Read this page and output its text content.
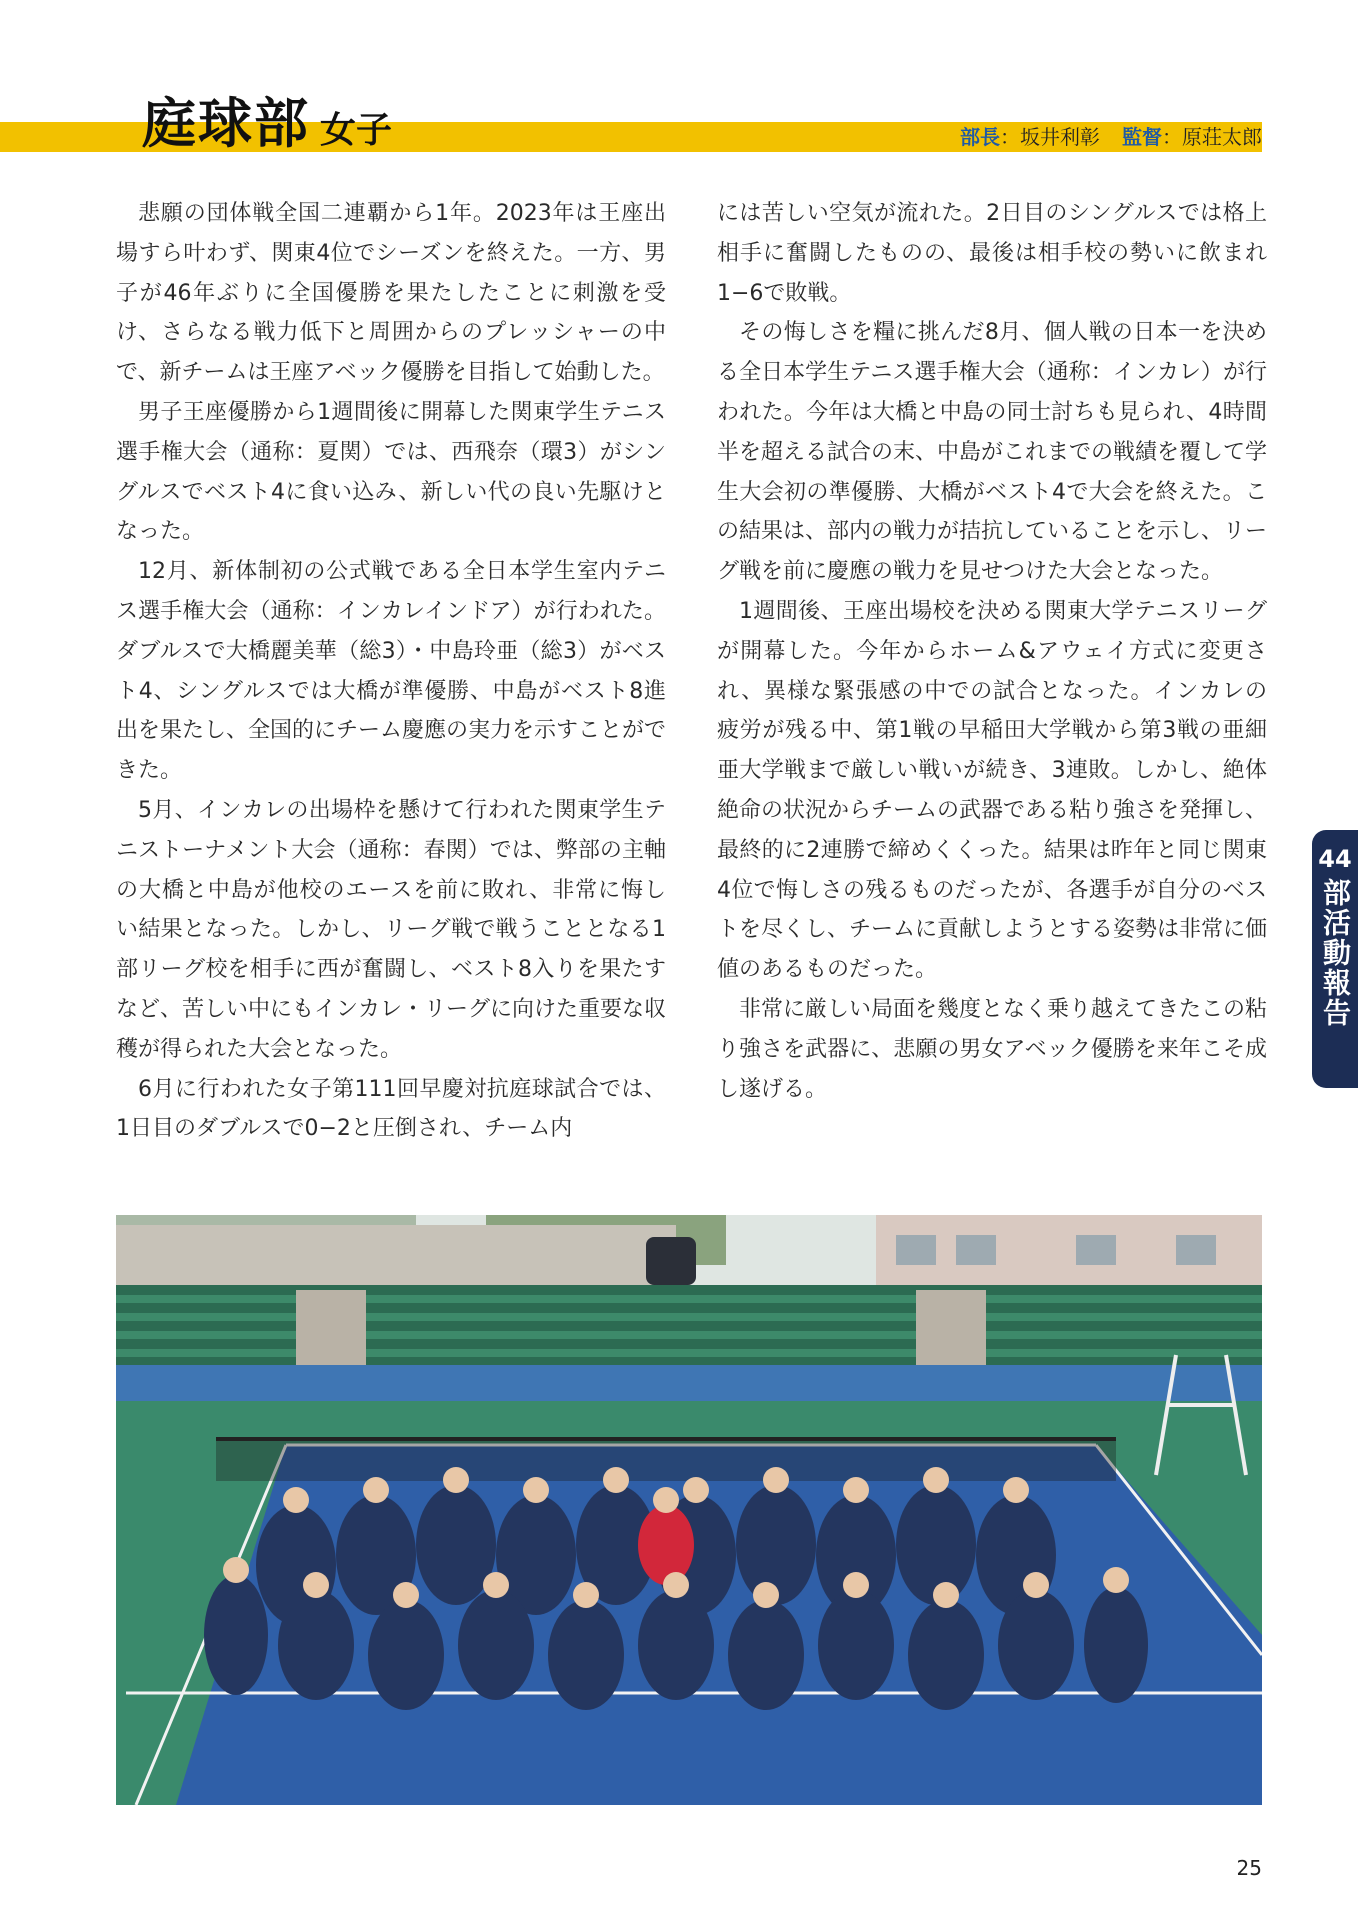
庭球部 女子	部長：坂井利彰 監督：原荘太郎

悲願の団体戦全国二連覇から1年。2023年は王座出場すら叶わず、関東4位でシーズンを終えた。一方、男子が46年ぶりに全国優勝を果たしたことに刺激を受け、さらなる戦力低下と周囲からのプレッシャーの中で、新チームは王座アベック優勝を目指して始動した。

男子王座優勝から1週間後に開幕した関東学生テニス選手権大会（通称：夏関）では、西飛奈（環3）がシングルスでベスト4に食い込み、新しい代の良い先駆けとなった。

12月、新体制初の公式戦である全日本学生室内テニス選手権大会（通称：インカレインドア）が行われた。ダブルスで大橋麗美華（総3）・中島玲亜（総3）がベスト4、シングルスでは大橋が準優勝、中島がベスト8進出を果たし、全国的にチーム慶應の実力を示すことができた。

5月、インカレの出場枠を懸けて行われた関東学生テニストーナメント大会（通称：春関）では、弊部の主軸の大橋と中島が他校のエースを前に敗れ、非常に悔しい結果となった。しかし、リーグ戦で戦うこととなる1部リーグ校を相手に西が奮闘し、ベスト8入りを果たすなど、苦しい中にもインカレ・リーグに向けた重要な収穫が得られた大会となった。

6月に行われた女子第111回早慶対抗庭球試合では、1日目のダブルスで0−2と圧倒され、チーム内

には苦しい空気が流れた。2日目のシングルスでは格上相手に奮闘したものの、最後は相手校の勢いに飲まれ1−6で敗戦。

その悔しさを糧に挑んだ8月、個人戦の日本一を決める全日本学生テニス選手権大会（通称：インカレ）が行われた。今年は大橋と中島の同士討ちも見られ、4時間半を超える試合の末、中島がこれまでの戦績を覆して学生大会初の準優勝、大橋がベスト4で大会を終えた。この結果は、部内の戦力が拮抗していることを示し、リーグ戦を前に慶應の戦力を見せつけた大会となった。

1週間後、王座出場校を決める関東大学テニスリーグが開幕した。今年からホーム&アウェイ方式に変更され、異様な緊張感の中での試合となった。インカレの疲労が残る中、第1戦の早稲田大学戦から第3戦の亜細亜大学戦まで厳しい戦いが続き、3連敗。しかし、絶体絶命の状況からチームの武器である粘り強さを発揮し、最終的に2連勝で締めくくった。結果は昨年と同じ関東4位で悔しさの残るものだったが、各選手が自分のベストを尽くし、チームに貢献しようとする姿勢は非常に価値のあるものだった。

非常に厳しい局面を幾度となく乗り越えてきたこの粘り強さを武器に、悲願の男女アベック優勝を来年こそ成し遂げる。

44
部活動報告
25
